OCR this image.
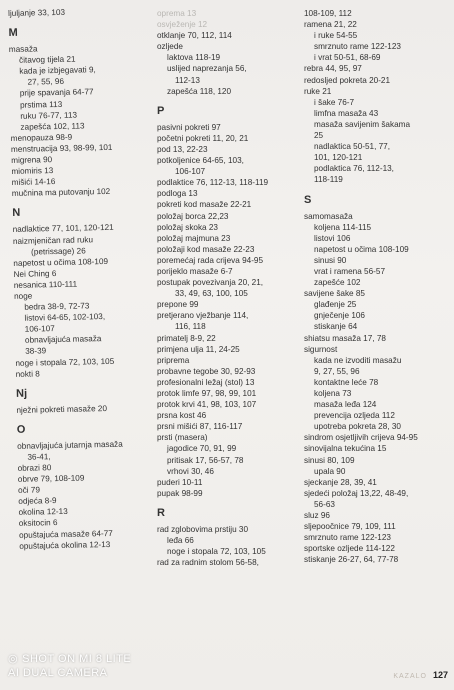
ljuljanje 33, 103
M
masaža
čitavog tijela 21
kada je izbjegavati 9,
27, 55, 96
prije spavanja 64-77
prstima 113
ruku 76-77, 113
zapešća 102, 113
menopauza 98-9
menstruacija 93, 98-99, 101
migrena 90
miomiris 13
mišići 14-16
mučnina ma putovanju 102
N
nadlaktice 77, 101, 120-121
naizmjeničan rad ruku
(petrissage) 26
napetost u očima 108-109
Nei Ching 6
nesanica 110-111
noge
bedra 38-9, 72-73
listovi 64-65, 102-103,
106-107
obnavljajuća masaža
38-39
noge i stopala 72, 103, 105
nokti 8
Nj
nježni pokreti masaže 20
O
obnavljajuća jutarnja masaža
36-41,
obrazi 80
obrve 79, 108-109
oči 79
odjeća 8-9
okolina 12-13
oksitocin 6
opuštajuća masaže 64-77
opuštajuća okolina 12-13
oprema 13
osvježenje 12
otklanje 70, 112, 114
ozljede
laktova 118-19
uslijed naprezanja 56,
112-13
zapešća 118, 120
P
pasivni pokreti 97
početni pokreti 11, 20, 21
pod 13, 22-23
potkoljenice 64-65, 103,
106-107
podlaktice 76, 112-13, 118-119
podloga 13
pokreti kod masaže 22-21
položaj borca 22,23
položaj skoka 23
položaj majmuna 23
položaji kod masaže 22-23
poremećaj rada crijeva 94-95
porijeklo masaže 6-7
postupak povezivanja 20, 21,
33, 49, 63, 100, 105
prepone 99
pretjerano vježbanje 114,
116, 118
primatelj 8-9, 22
primjena ulja 11, 24-25
priprema
probavne tegobe 30, 92-93
profesionalni ležaj (stol) 13
protok limfe 97, 98, 99, 101
protok krvi 41, 98, 103, 107
prsna kost 46
prsni mišići 87, 116-117
prsti (masera)
jagodice 70, 91, 99
pritisak 17, 56-57, 78
vrhovi 30, 46
puderi 10-11
pupak 98-99
R
rad zglobovima prstiju 30
leđa 66
noge i stopala 72, 103, 105
rad za radnim stolom 56-58,
108-109, 112
ramena 21, 22
i ruke 54-55
smrznuto rame 122-123
i vrat 50-51, 68-69
rebra 44, 95, 97
redosljed pokreta 20-21
ruke 21
i šake 76-7
limfna masaža 43
masaža savijenim šakama
25
nadlaktica 50-51, 77,
101, 120-121
podlaktica 76, 112-13,
118-119
S
samomasaža
koljena 114-115
listovi 106
napetost u očima 108-109
sinusi 90
vrat i ramena 56-57
zapešće 102
savijene šake 85
glađenje 25
gnječenje 106
stiskanje 64
shiatsu masaža 17, 78
sigurnost
kada ne izvoditi masažu
9, 27, 55, 96
kontaktne leće 78
koljena 73
masaža leđa 124
prevencija ozljeda 112
upotreba pokreta 28, 30
sindrom osjetljivih crijeva 94-95
sinovijalna tekućina 15
sinusi 80, 109
upala 90
sjeckanje 28, 39, 41
sjedeći položaj 13,22, 48-49,
56-63
sluz 96
sljepoočnice 79, 109, 111
smrznuto rame 122-123
sportske ozljede 114-122
stiskanje 26-27, 64, 77-78
KAZALO 127
◎ SHOT ON MI 8 LITE
AI DUAL CAMERA
